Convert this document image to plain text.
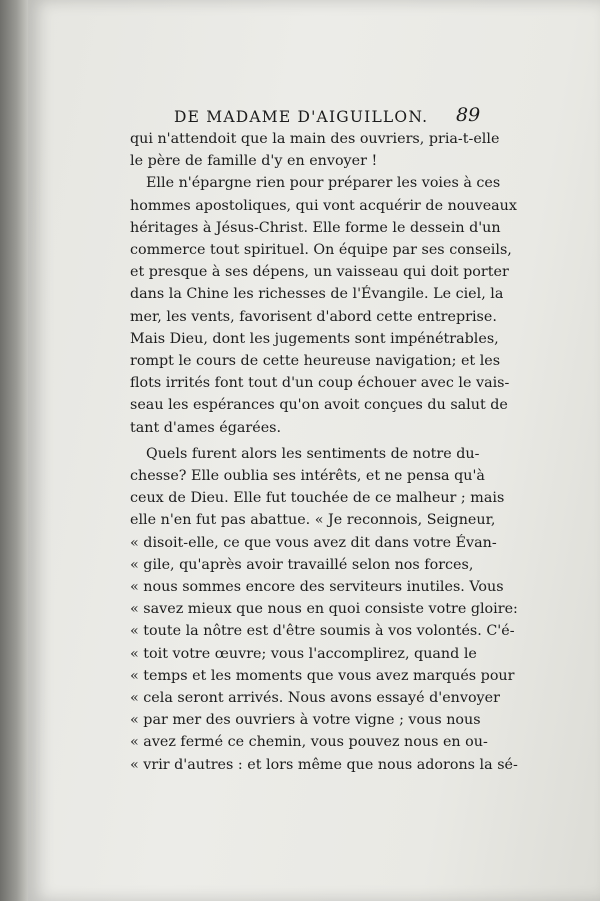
DE MADAME D'AIGUILLON. 89

qui n'attendoit que la main des ouvriers, pria-t-elle
le père de famille d'y en envoyer !

Elle n'épargne rien pour préparer les voies à ces
hommes apostoliques, qui vont acquérir de nouveaux
héritages à Jésus-Christ. Elle forme le dessein d'un
commerce tout spirituel. On équipe par ses conseils,
et presque à ses dépens, un vaisseau qui doit porter
dans la Chine les richesses de l'Évangile. Le ciel, la
mer, les vents, favorisent d'abord cette entreprise.
Mais Dieu, dont les jugements sont impénétrables,
rompt le cours de cette heureuse navigation; et les
flots irrités font tout d'un coup échouer avec le vais-
seau les espérances qu'on avoit conçues du salut de
tant d'ames égarées.

Quels furent alors les sentiments de notre du-
chesse? Elle oublia ses intérêts, et ne pensa qu'à
ceux de Dieu. Elle fut touchée de ce malheur ; mais
elle n'en fut pas abattue. « Je reconnois, Seigneur,
« disoit-elle, ce que vous avez dit dans votre Évan-
« gile, qu'après avoir travaillé selon nos forces,
« nous sommes encore des serviteurs inutiles. Vous
« savez mieux que nous en quoi consiste votre gloire:
« toute la nôtre est d'être soumis à vos volontés. C'é-
« toit votre œuvre; vous l'accomplirez, quand le
« temps et les moments que vous avez marqués pour
« cela seront arrivés. Nous avons essayé d'envoyer
« par mer des ouvriers à votre vigne ; vous nous
« avez fermé ce chemin, vous pouvez nous en ou-
« vrir d'autres : et lors même que nous adorons la sé-
